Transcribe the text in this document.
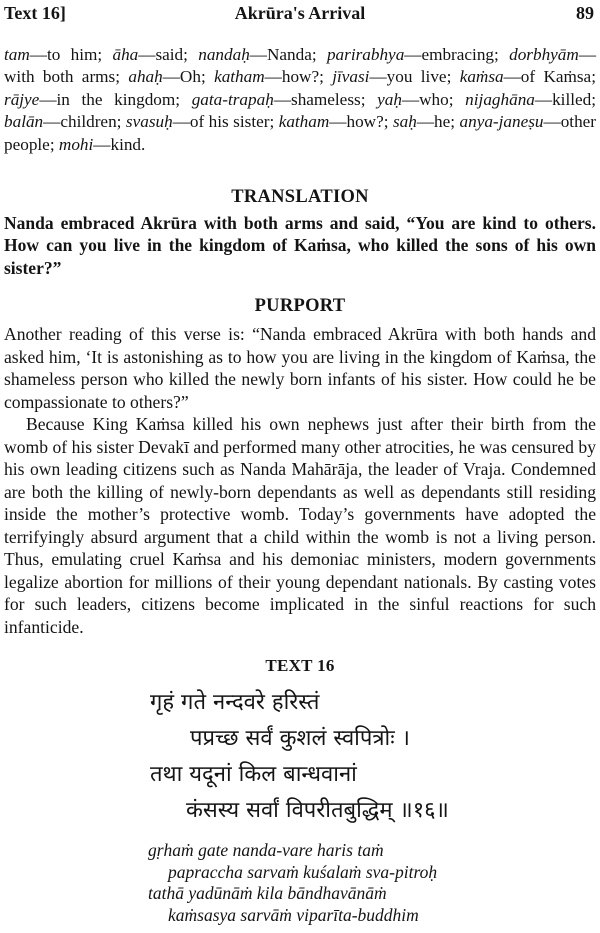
Text 16]	Akrūra's Arrival	89
tam—to him; āha—said; nandaḥ—Nanda; parirabhya—embracing; dorbhyām—with both arms; ahaḥ—Oh; katham—how?; jīvasi—you live; kaṁsa—of Kaṁsa; rājye—in the kingdom; gata-trapaḥ—shameless; yaḥ—who; nijaghāna—killed; balān—children; svasuḥ—of his sister; katham—how?; saḥ—he; anya-janeṣu—other people; mohi—kind.
TRANSLATION
Nanda embraced Akrūra with both arms and said, “You are kind to others. How can you live in the kingdom of Kaṁsa, who killed the sons of his own sister?”
PURPORT

Another reading of this verse is: “Nanda embraced Akrūra with both hands and asked him, ‘It is astonishing as to how you are living in the kingdom of Kaṁsa, the shameless person who killed the newly born infants of his sister. How could he be compassionate to others?”

Because King Kaṁsa killed his own nephews just after their birth from the womb of his sister Devakī and performed many other atrocities, he was censured by his own leading citizens such as Nanda Mahārāja, the leader of Vraja. Condemned are both the killing of newly-born dependants as well as dependants still residing inside the mother’s protective womb. Today’s governments have adopted the terrifyingly absurd argument that a child within the womb is not a living person. Thus, emulating cruel Kaṁsa and his demoniac ministers, modern governments legalize abortion for millions of their young dependant nationals. By casting votes for such leaders, citizens become implicated in the sinful reactions for such infanticide.

TEXT 16
गृहं गते नन्दवरे हरिस्तं
पप्रच्छ सर्वं कुशलं स्वपित्रोः ।
तथा यदूनां किल बान्धवानां
कंसस्य सर्वां विपरीतबुद्धिम् ॥१६॥
gṛhaṁ gate nanda-vare haris taṁ
papraccha sarvaṁ kuśalaṁ sva-pitroḥ
tathā yadūnāṁ kila bāndhavānāṁ
kaṁsasya sarvāṁ viparīta-buddhim
